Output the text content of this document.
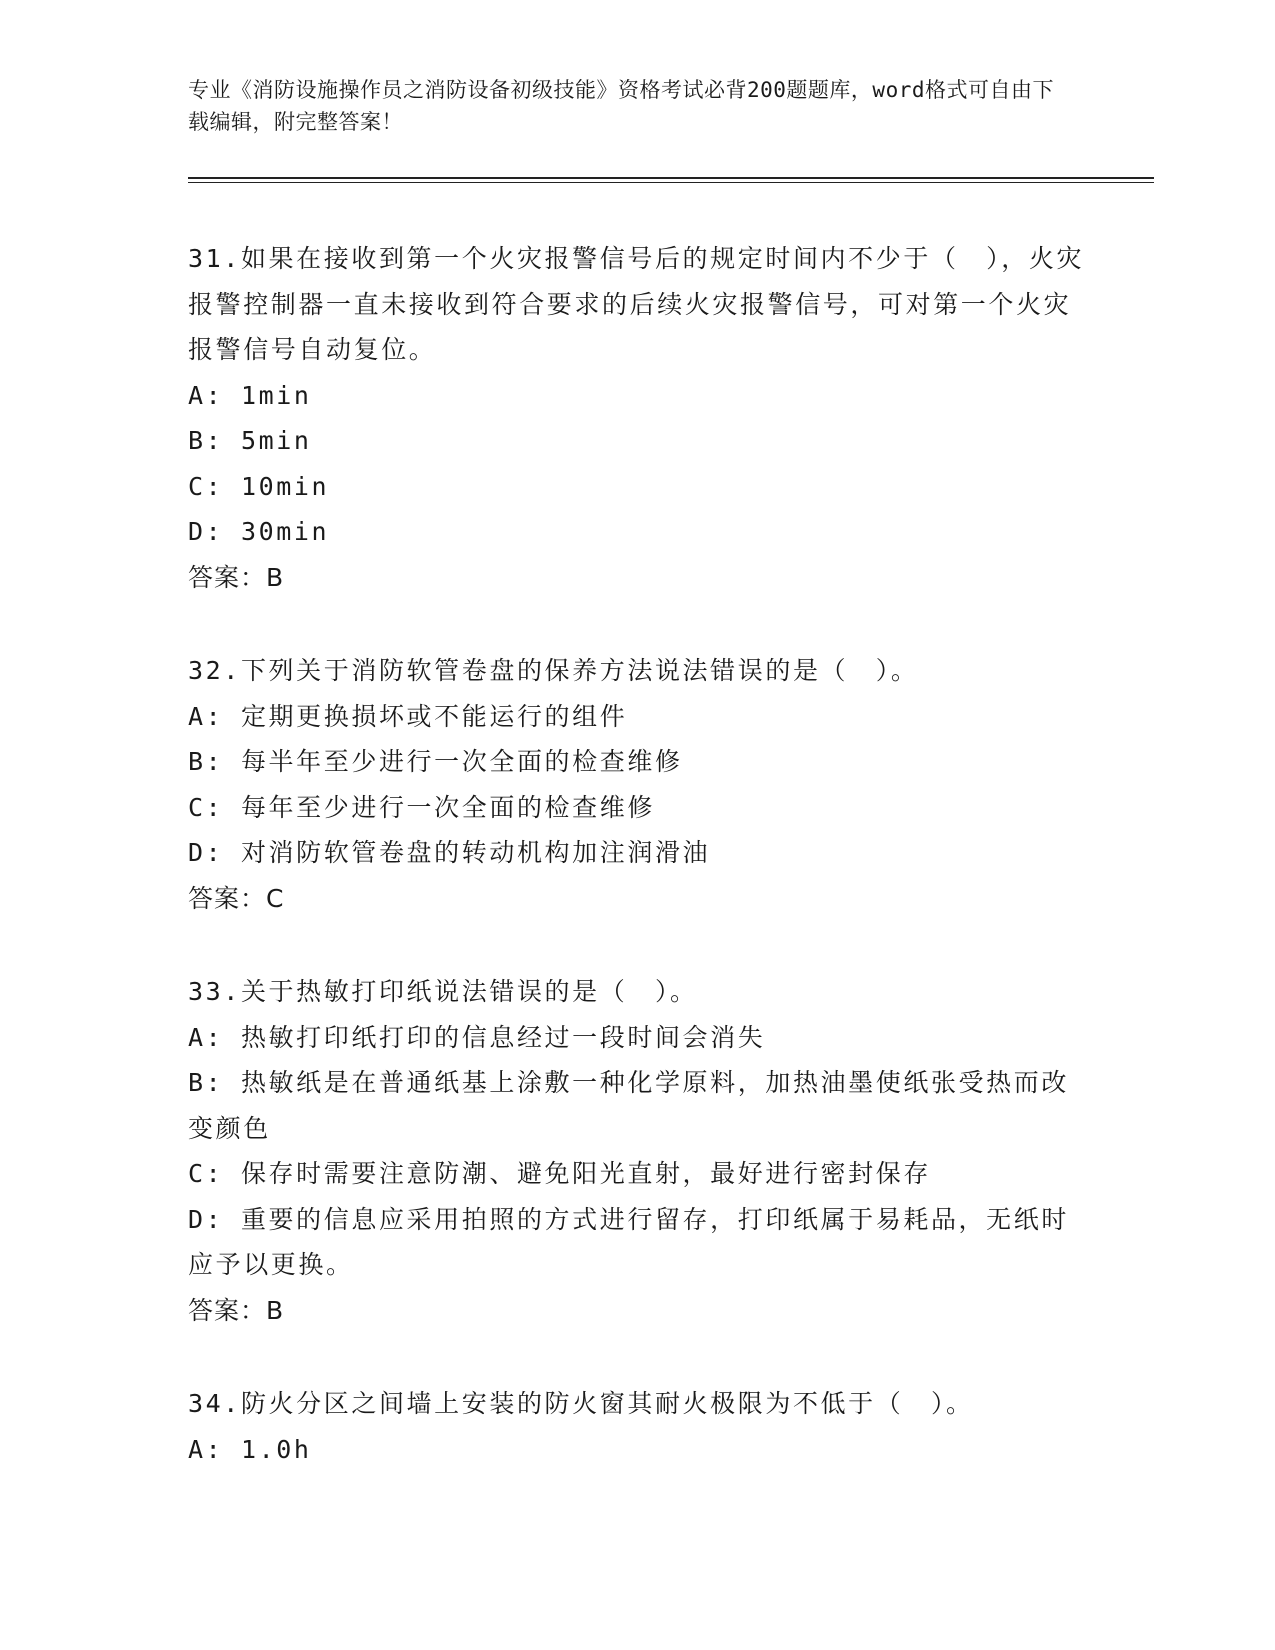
专业《消防设施操作员之消防设备初级技能》资格考试必背200题题库，word格式可自由下载编辑，附完整答案！
31.如果在接收到第一个火灾报警信号后的规定时间内不少于（　），火灾报警控制器一直未接收到符合要求的后续火灾报警信号，可对第一个火灾报警信号自动复位。
A: 1min
B: 5min
C: 10min
D: 30min
答案：B
32.下列关于消防软管卷盘的保养方法说法错误的是（　）。
A: 定期更换损坏或不能运行的组件
B: 每半年至少进行一次全面的检查维修
C: 每年至少进行一次全面的检查维修
D: 对消防软管卷盘的转动机构加注润滑油
答案：C
33.关于热敏打印纸说法错误的是（　）。
A: 热敏打印纸打印的信息经过一段时间会消失
B: 热敏纸是在普通纸基上涂敷一种化学原料，加热油墨使纸张受热而改变颜色
C: 保存时需要注意防潮、避免阳光直射，最好进行密封保存
D: 重要的信息应采用拍照的方式进行留存，打印纸属于易耗品，无纸时应予以更换。
答案：B
34.防火分区之间墙上安装的防火窗其耐火极限为不低于（　）。
A: 1.0h
